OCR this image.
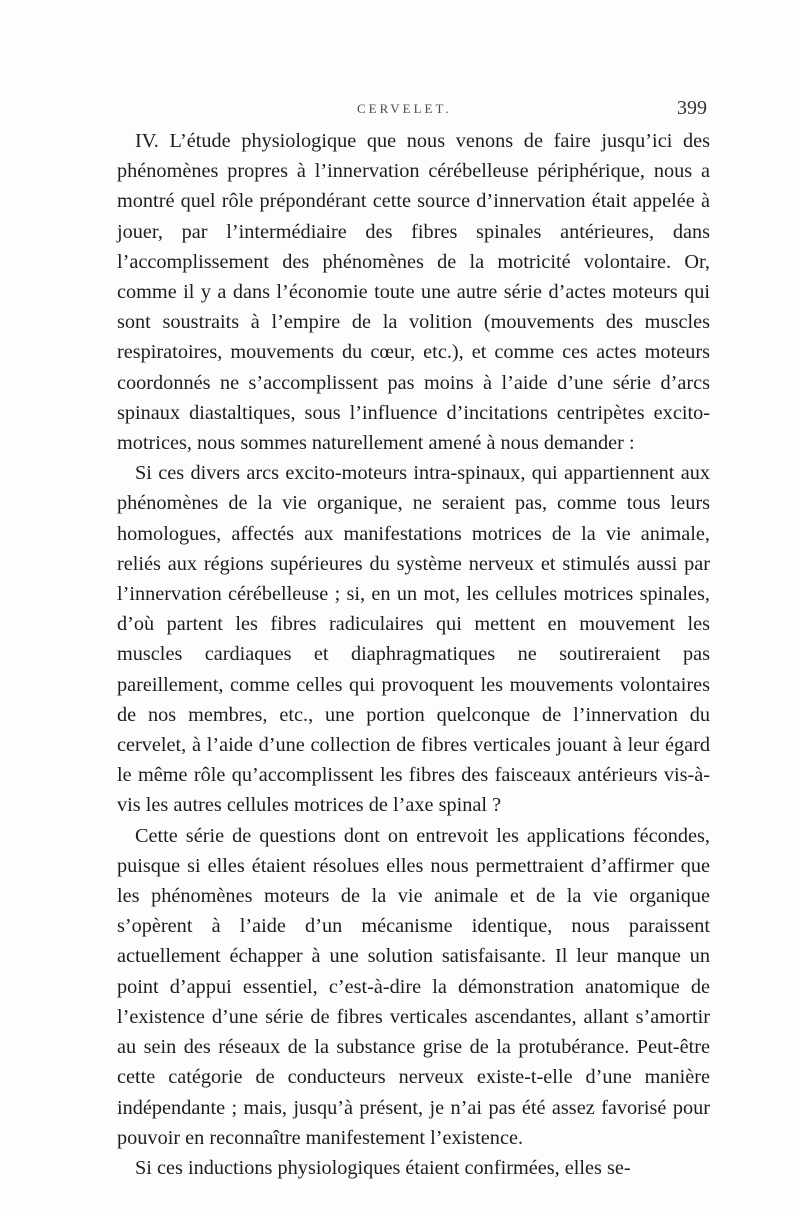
CERVELET.	399

IV. L’étude physiologique que nous venons de faire jusqu’ici des phénomènes propres à l’innervation cérébelleuse périphérique, nous a montré quel rôle prépondérant cette source d’innervation était appelée à jouer, par l’intermédiaire des fibres spinales antérieures, dans l’accomplissement des phénomènes de la motricité volontaire. Or, comme il y a dans l’économie toute une autre série d’actes moteurs qui sont soustraits à l’empire de la volition (mouvements des muscles respiratoires, mouvements du cœur, etc.), et comme ces actes moteurs coordonnés ne s’accomplissent pas moins à l’aide d’une série d’arcs spinaux diastaltiques, sous l’influence d’incitations centripètes excito-motrices, nous sommes naturellement amené à nous demander :

Si ces divers arcs excito-moteurs intra-spinaux, qui appartiennent aux phénomènes de la vie organique, ne seraient pas, comme tous leurs homologues, affectés aux manifestations motrices de la vie animale, reliés aux régions supérieures du système nerveux et stimulés aussi par l’innervation cérébelleuse ; si, en un mot, les cellules motrices spinales, d’où partent les fibres radiculaires qui mettent en mouvement les muscles cardiaques et diaphragmatiques ne soutireraient pas pareillement, comme celles qui provoquent les mouvements volontaires de nos membres, etc., une portion quelconque de l’innervation du cervelet, à l’aide d’une collection de fibres verticales jouant à leur égard le même rôle qu’accomplissent les fibres des faisceaux antérieurs vis-à-vis les autres cellules motrices de l’axe spinal ?

Cette série de questions dont on entrevoit les applications fécondes, puisque si elles étaient résolues elles nous permettraient d’affirmer que les phénomènes moteurs de la vie animale et de la vie organique s’opèrent à l’aide d’un mécanisme identique, nous paraissent actuellement échapper à une solution satisfaisante. Il leur manque un point d’appui essentiel, c’est-à-dire la démonstration anatomique de l’existence d’une série de fibres verticales ascendantes, allant s’amortir au sein des réseaux de la substance grise de la protubérance. Peut-être cette catégorie de conducteurs nerveux existe-t-elle d’une manière indépendante ; mais, jusqu’à présent, je n’ai pas été assez favorisé pour pouvoir en reconnaître manifestement l’existence.

Si ces inductions physiologiques étaient confirmées, elles se-
